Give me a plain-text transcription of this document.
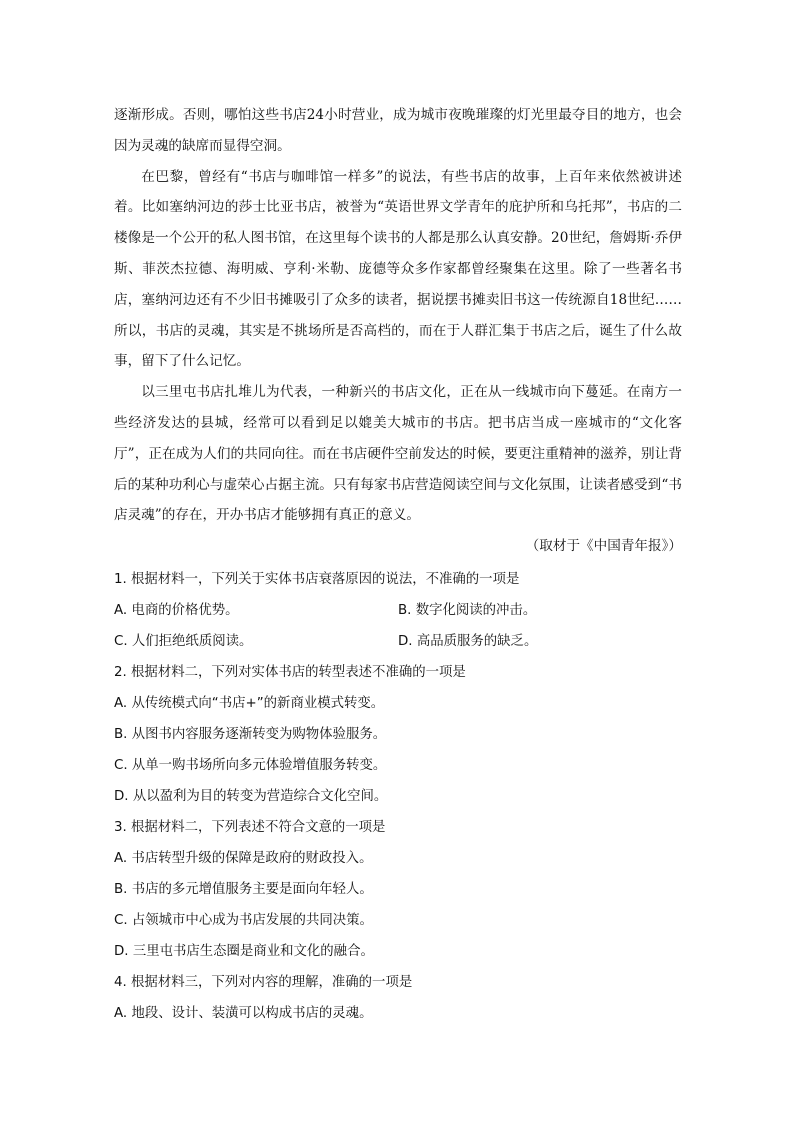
逐渐形成。否则，哪怕这些书店24小时营业，成为城市夜晚璀璨的灯光里最夺目的地方，也会因为灵魂的缺席而显得空洞。

在巴黎，曾经有“书店与咖啡馆一样多”的说法，有些书店的故事，上百年来依然被讲述着。比如塞纳河边的莎士比亚书店，被誉为“英语世界文学青年的庇护所和乌托邦”，书店的二楼像是一个公开的私人图书馆，在这里每个读书的人都是那么认真安静。20世纪，詹姆斯·乔伊斯、菲茨杰拉德、海明威、亨利·米勒、庞德等众多作家都曾经聚集在这里。除了一些著名书店，塞纳河边还有不少旧书摊吸引了众多的读者，据说摆书摊卖旧书这一传统源自18世纪……所以，书店的灵魂，其实是不挑场所是否高档的，而在于人群汇集于书店之后，诞生了什么故事，留下了什么记忆。

以三里屯书店扎堆儿为代表，一种新兴的书店文化，正在从一线城市向下蔓延。在南方一些经济发达的县城，经常可以看到足以媲美大城市的书店。把书店当成一座城市的“文化客厅”，正在成为人们的共同向往。而在书店硬件空前发达的时候，要更注重精神的滋养，别让背后的某种功利心与虚荣心占据主流。只有每家书店营造阅读空间与文化氛围，让读者感受到“书店灵魂”的存在，开办书店才能够拥有真正的意义。

（取材于《中国青年报》）

1. 根据材料一，下列关于实体书店衰落原因的说法，不准确的一项是

A. 电商的价格优势。	B. 数字化阅读的冲击。
C. 人们拒绝纸质阅读。	D. 高品质服务的缺乏。

2. 根据材料二，下列对实体书店的转型表述不准确的一项是

A. 从传统模式向“书店+”的新商业模式转变。

B. 从图书内容服务逐渐转变为购物体验服务。

C. 从单一购书场所向多元体验增值服务转变。

D. 从以盈利为目的转变为营造综合文化空间。

3. 根据材料二，下列表述不符合文意的一项是

A. 书店转型升级的保障是政府的财政投入。

B. 书店的多元增值服务主要是面向年轻人。

C. 占领城市中心成为书店发展的共同决策。

D. 三里屯书店生态圈是商业和文化的融合。

4. 根据材料三，下列对内容的理解，准确的一项是

A. 地段、设计、装潢可以构成书店的灵魂。
